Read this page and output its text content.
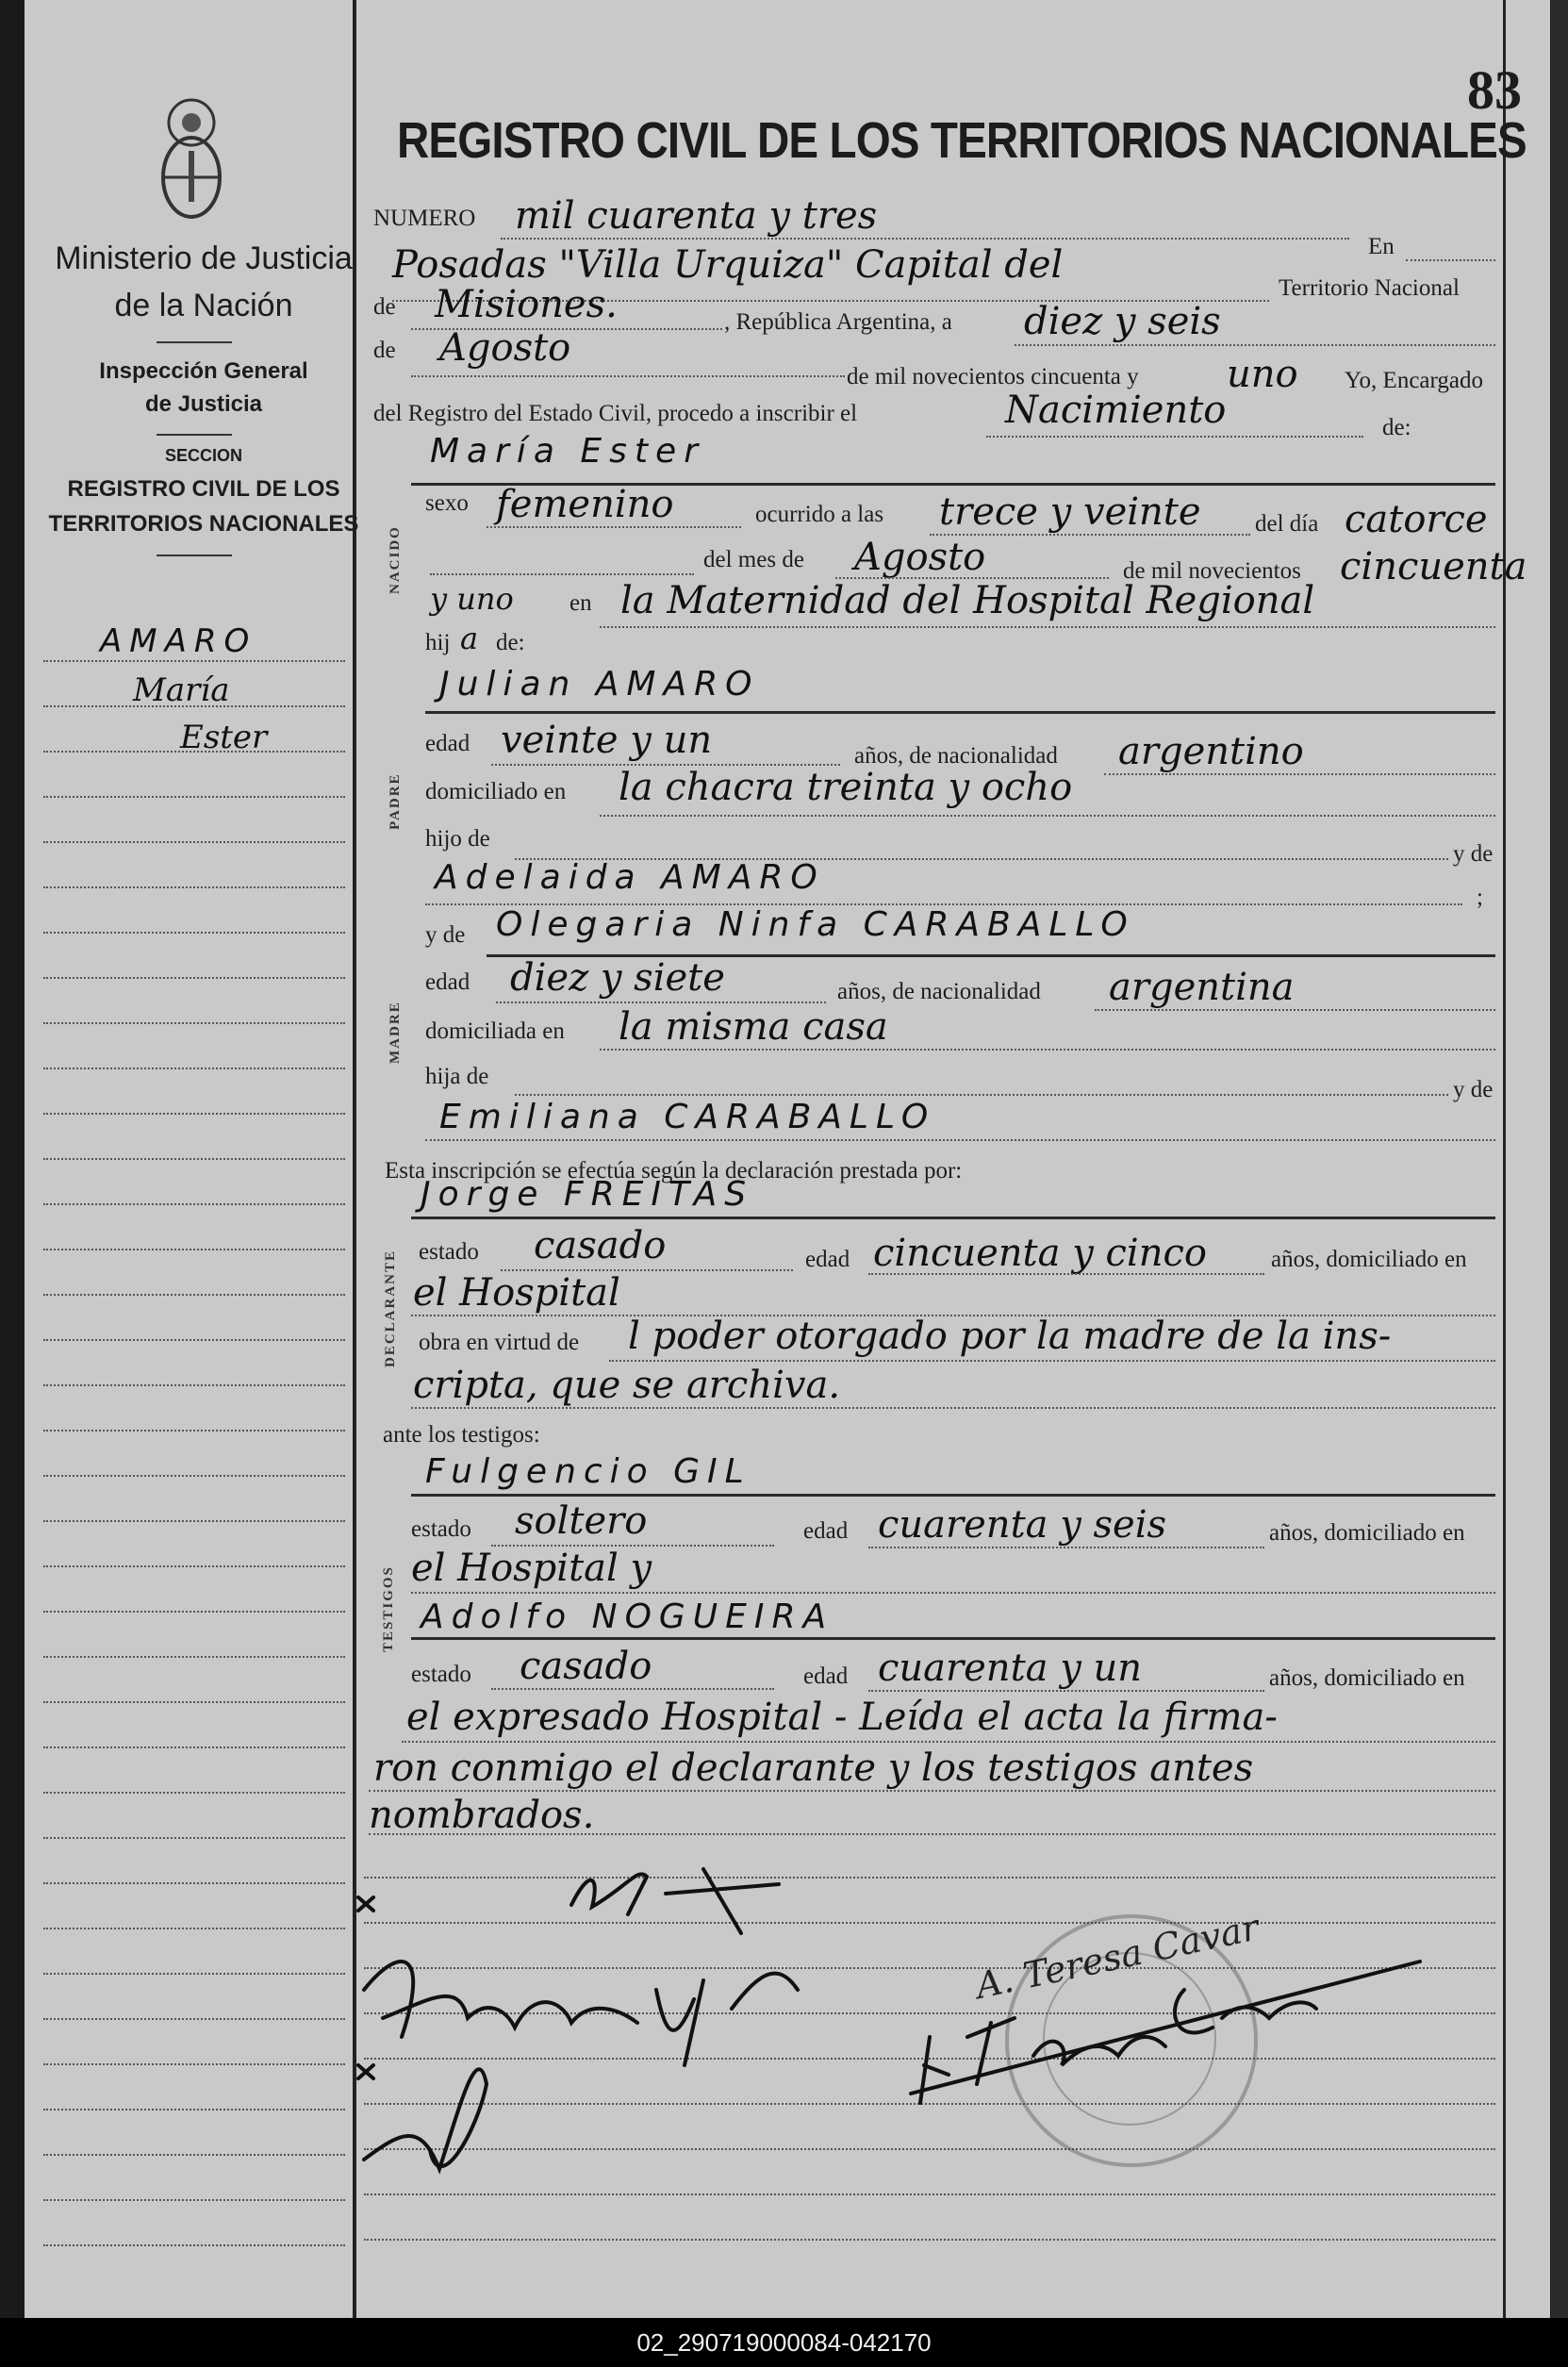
83
Ministerio de Justicia
de la Nación
Inspección General
de Justicia
SECCION
REGISTRO CIVIL DE LOS
TERRITORIOS NACIONALES
AMARO
María
Ester
REGISTRO CIVIL DE LOS TERRITORIOS NACIONALES
NUMERO mil cuarenta y tres
En
Posadas "Villa Urquiza" Capital del
Territorio Nacional
de Misiones.	, República Argentina, a diez y seis
de Agosto
de mil novecientos cincuenta y uno Yo, Encargado
del Registro del Estado Civil, procedo a inscribir el	Nacimiento	de:
NACIDO
María Ester
sexo femenino	ocurrido a las trece y veinte del día catorce
del mes de Agosto	de mil novecientos cincuenta
y uno en la Maternidad del Hospital Regional
hij a de:
PADRE
Julian AMARO
edad veinte y un	años, de nacionalidad argentino
domiciliado en la chacra treinta y ocho
hijo de
y de
Adelaida AMARO
;
MADRE
y de Olegaria Ninfa CARABALLO
edad diez y siete	años, de nacionalidad argentina
domiciliada en la misma casa
hija de
y de
Emiliana CARABALLO
Esta inscripción se efectúa según la declaración prestada por:
DECLARANTE
Jorge FREITAS
estado casado	edad cincuenta y cinco	años, domiciliado en
el Hospital
obra en virtud de l poder otorgado por la madre de la ins-
cripta, que se archiva.
ante los testigos:
TESTIGOS
Fulgencio GIL
estado soltero	edad cuarenta y seis	años, domiciliado en
el Hospital y
Adolfo NOGUEIRA
estado casado	edad cuarenta y un	años, domiciliado en
el expresado Hospital - Leída el acta la firma-
ron conmigo el declarante y los testigos antes
nombrados.
A. Teresa Cavar
02_290719000084-042170
